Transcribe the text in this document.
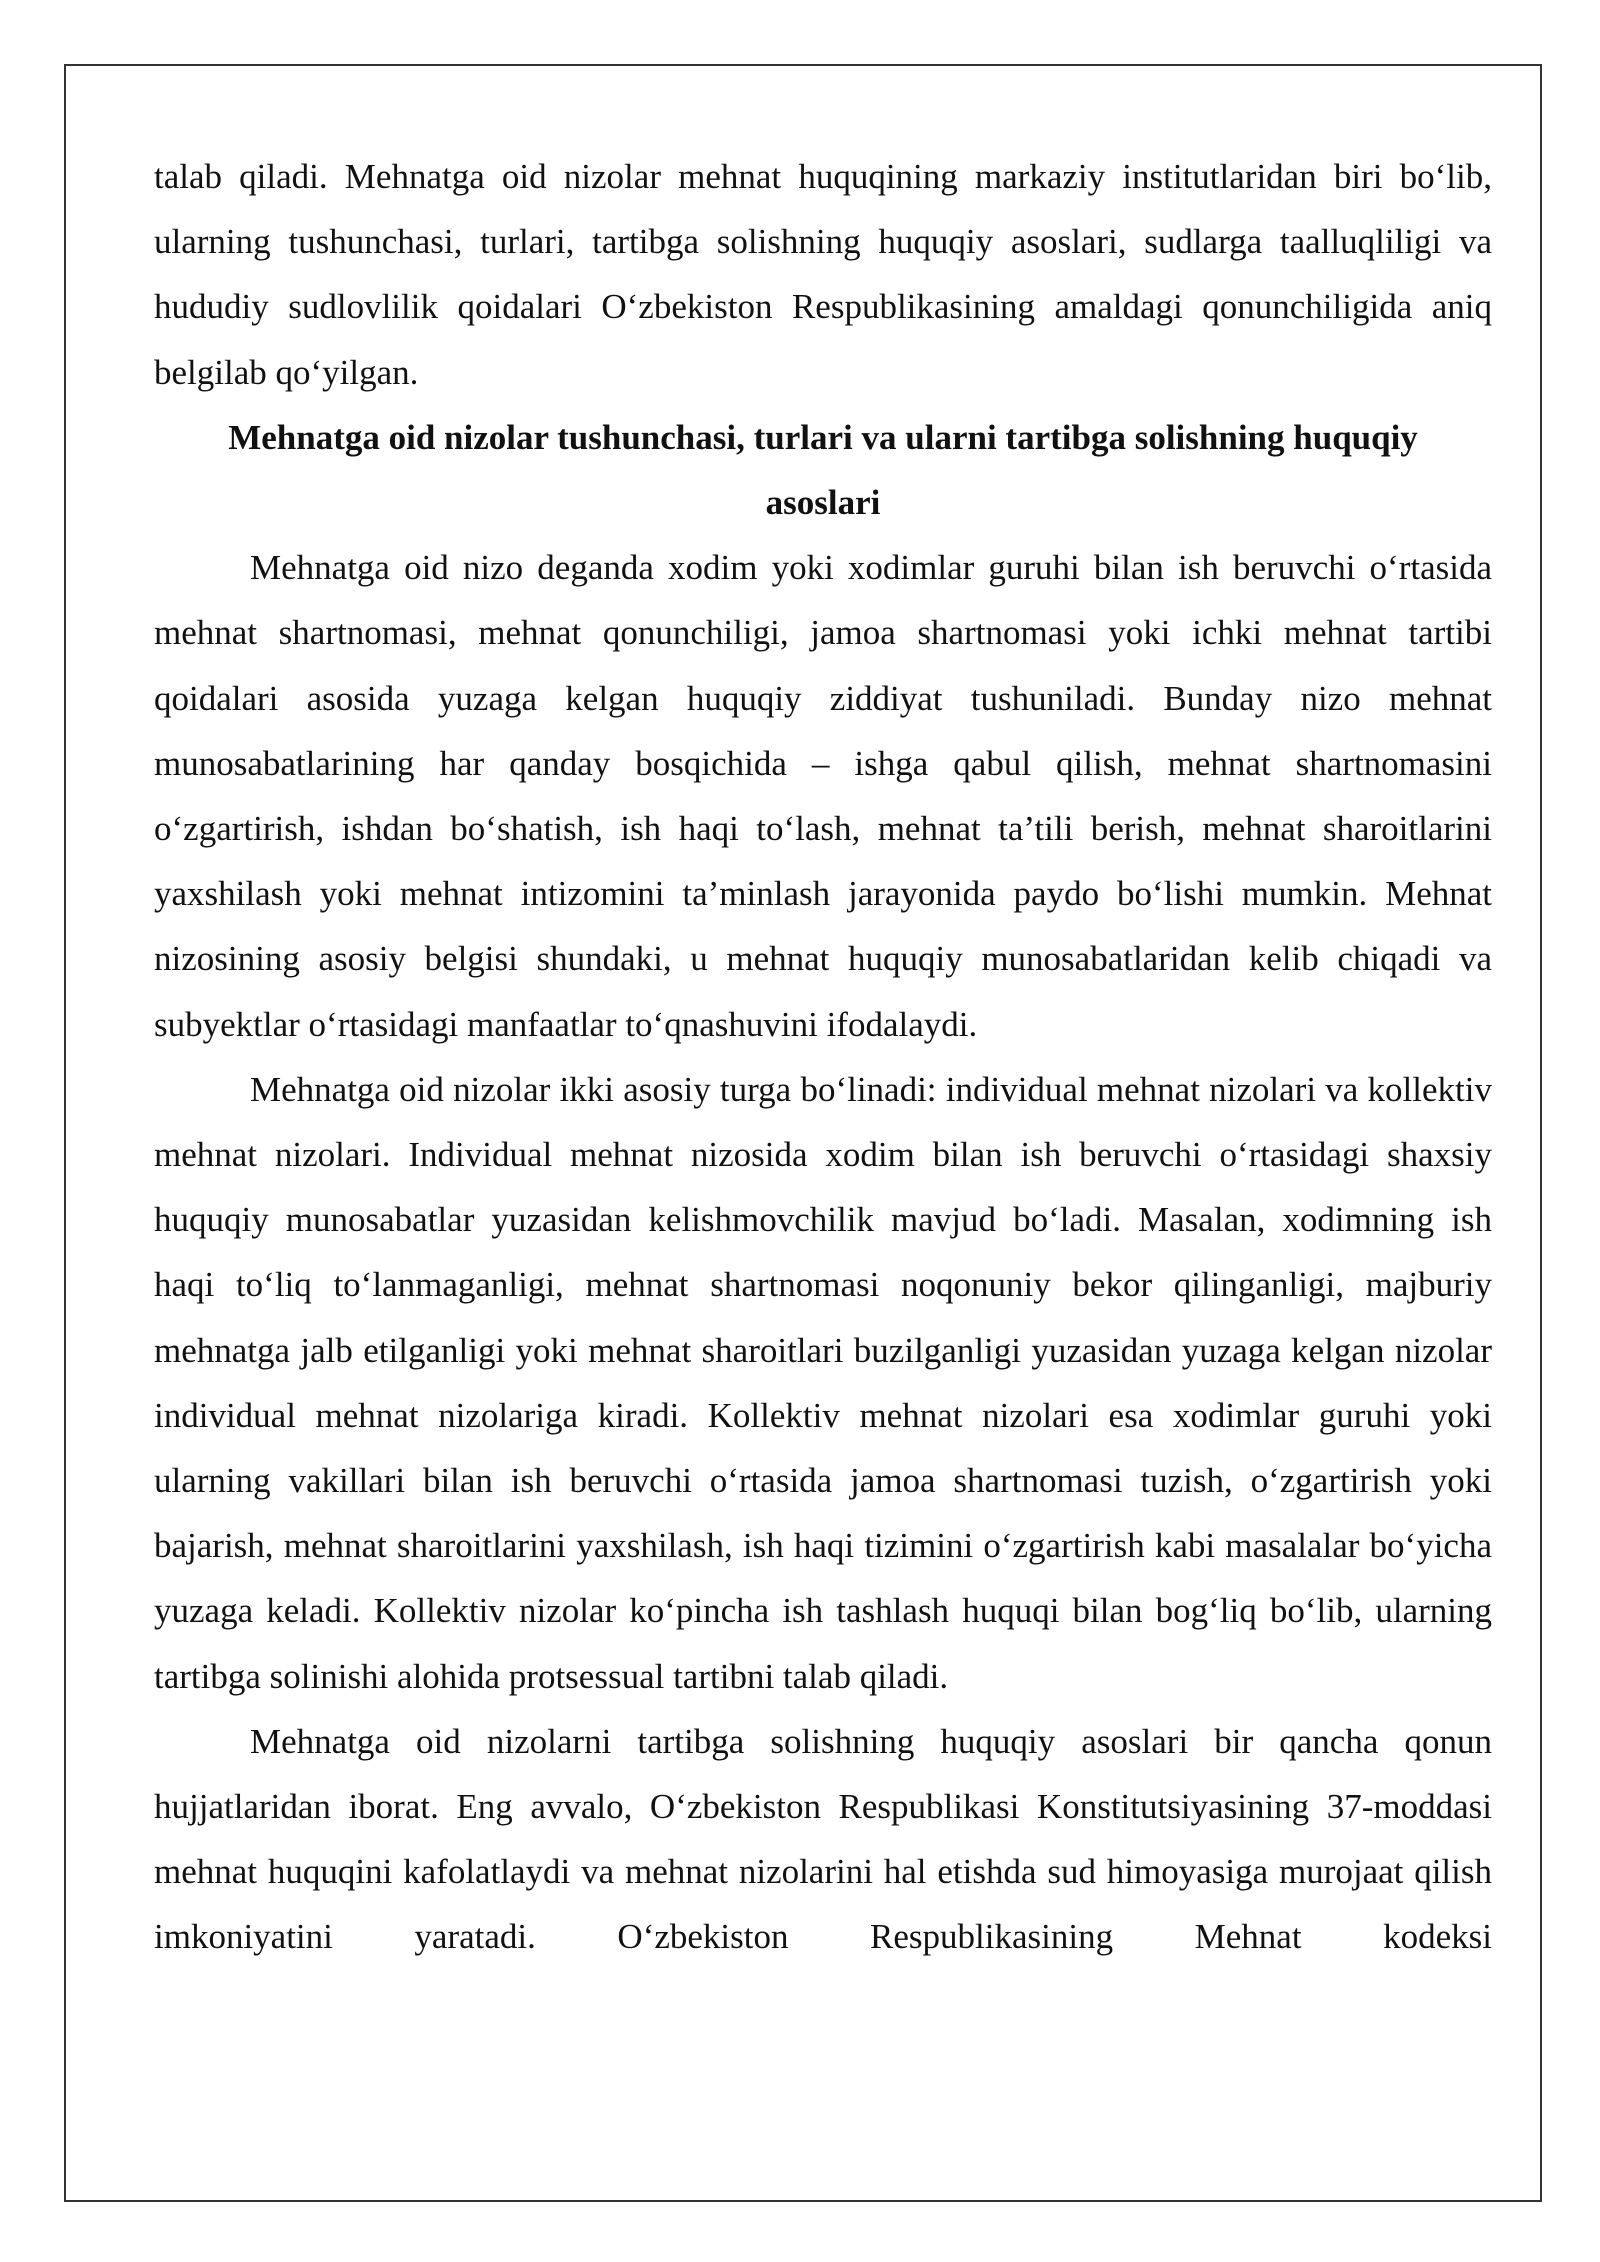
talab qiladi. Mehnatga oid nizolar mehnat huquqining markaziy institutlaridan biri bo‘lib, ularning tushunchasi, turlari, tartibga solishning huquqiy asoslari, sudlarga taalluqliligi va hududiy sudlovlilik qoidalari O‘zbekiston Respublikasining amaldagi qonunchiligida aniq belgilab qo‘yilgan.

Mehnatga oid nizolar tushunchasi, turlari va ularni tartibga solishning huquqiy asoslari

Mehnatga oid nizo deganda xodim yoki xodimlar guruhi bilan ish beruvchi o‘rtasida mehnat shartnomasi, mehnat qonunchiligi, jamoa shartnomasi yoki ichki mehnat tartibi qoidalari asosida yuzaga kelgan huquqiy ziddiyat tushuniladi. Bunday nizo mehnat munosabatlarining har qanday bosqichida – ishga qabul qilish, mehnat shartnomasini o‘zgartirish, ishdan bo‘shatish, ish haqi to‘lash, mehnat ta’tili berish, mehnat sharoitlarini yaxshilash yoki mehnat intizomini ta’minlash jarayonida paydo bo‘lishi mumkin. Mehnat nizosining asosiy belgisi shundaki, u mehnat huquqiy munosabatlaridan kelib chiqadi va subyektlar o‘rtasidagi manfaatlar to‘qnashuvini ifodalaydi.

Mehnatga oid nizolar ikki asosiy turga bo‘linadi: individual mehnat nizolari va kollektiv mehnat nizolari. Individual mehnat nizosida xodim bilan ish beruvchi o‘rtasidagi shaxsiy huquqiy munosabatlar yuzasidan kelishmovchilik mavjud bo‘ladi. Masalan, xodimning ish haqi to‘liq to‘lanmaganligi, mehnat shartnomasi noqonuniy bekor qilinganligi, majburiy mehnatga jalb etilganligi yoki mehnat sharoitlari buzilganligi yuzasidan yuzaga kelgan nizolar individual mehnat nizolariga kiradi. Kollektiv mehnat nizolari esa xodimlar guruhi yoki ularning vakillari bilan ish beruvchi o‘rtasida jamoa shartnomasi tuzish, o‘zgartirish yoki bajarish, mehnat sharoitlarini yaxshilash, ish haqi tizimini o‘zgartirish kabi masalalar bo‘yicha yuzaga keladi. Kollektiv nizolar ko‘pincha ish tashlash huquqi bilan bog‘liq bo‘lib, ularning tartibga solinishi alohida protsessual tartibni talab qiladi.

Mehnatga oid nizolarni tartibga solishning huquqiy asoslari bir qancha qonun hujjatlaridan iborat. Eng avvalo, O‘zbekiston Respublikasi Konstitutsiyasining 37-moddasi mehnat huquqini kafolatlaydi va mehnat nizolarini hal etishda sud himoyasiga murojaat qilish imkoniyatini yaratadi. O‘zbekiston Respublikasining Mehnat kodeksi
